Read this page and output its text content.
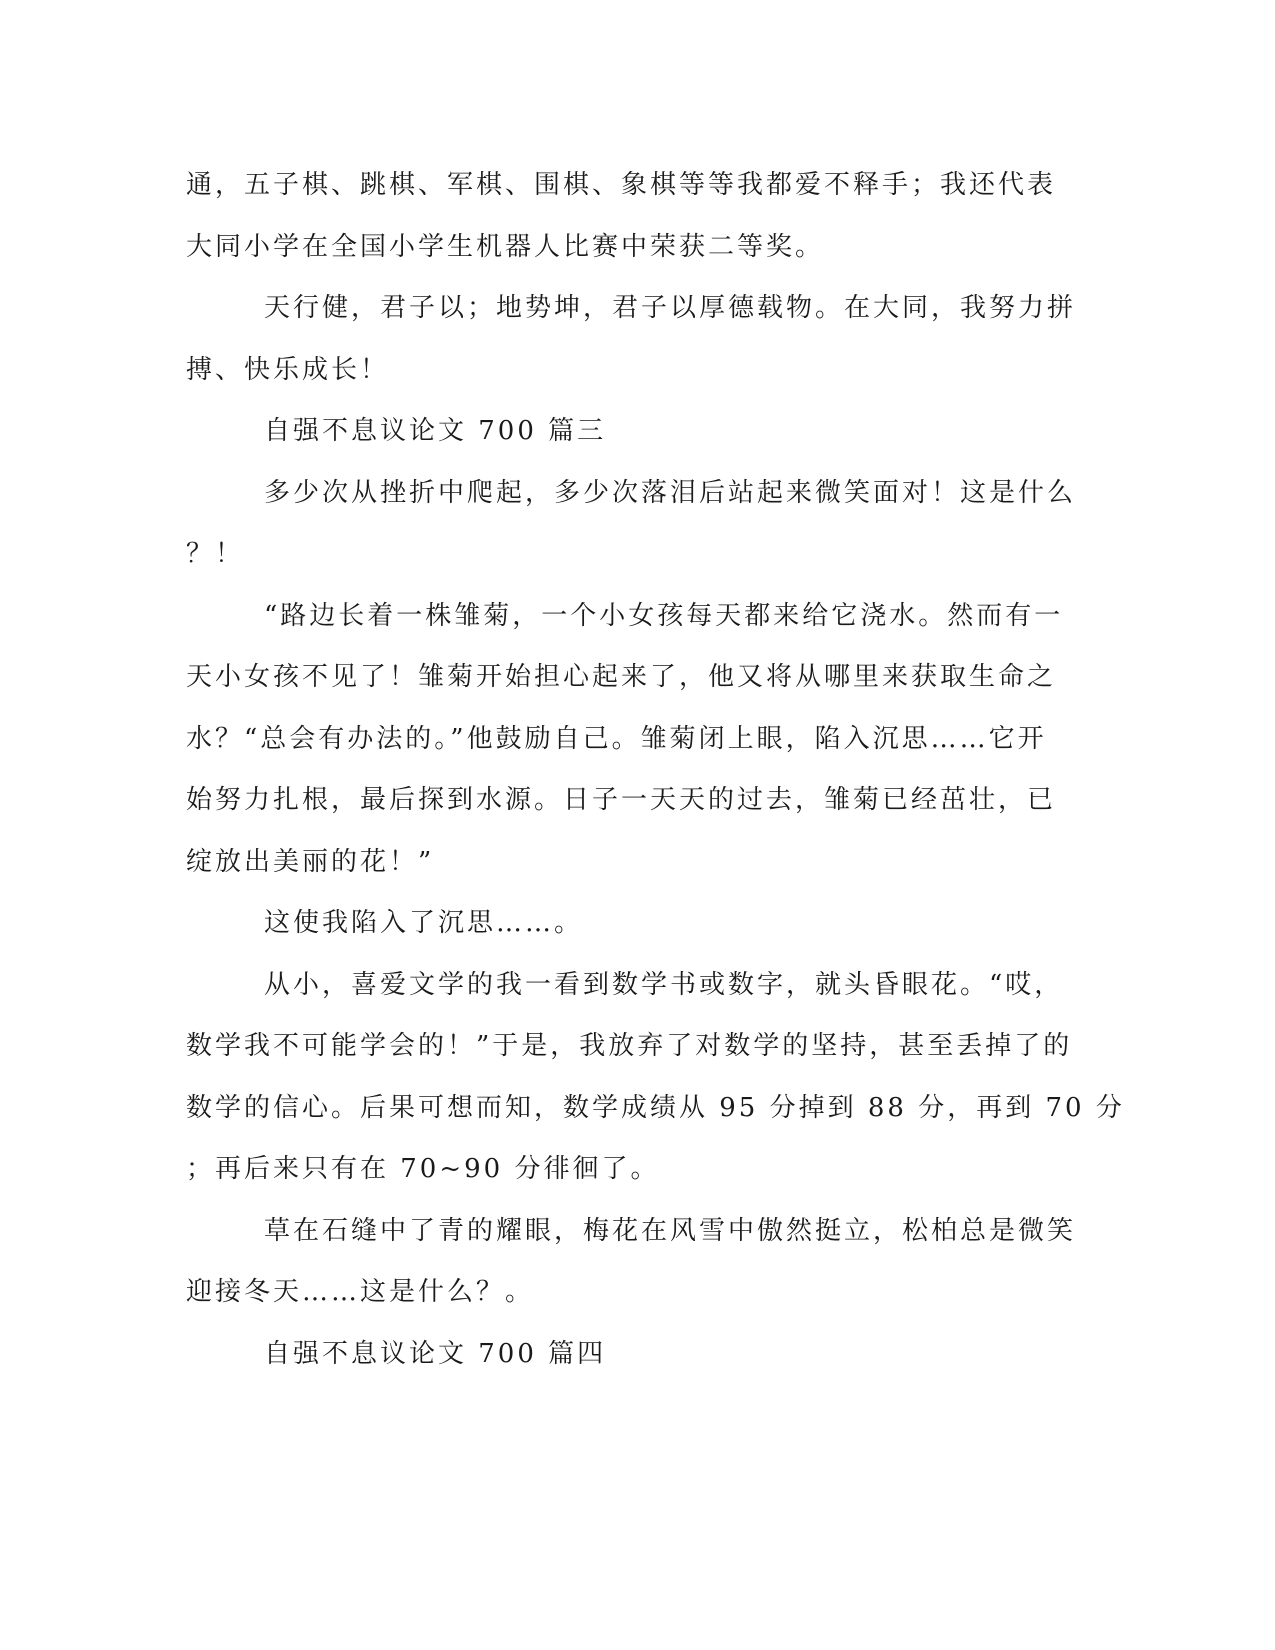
通，五子棋、跳棋、军棋、围棋、象棋等等我都爱不释手；我还代表
大同小学在全国小学生机器人比赛中荣获二等奖。
天行健，君子以；地势坤，君子以厚德载物。在大同，我努力拼
搏、快乐成长！
自强不息议论文 700 篇三
多少次从挫折中爬起，多少次落泪后站起来微笑面对！这是什么
？！
“路边长着一株雏菊，一个小女孩每天都来给它浇水。然而有一
天小女孩不见了！雏菊开始担心起来了，他又将从哪里来获取生命之
水？“总会有办法的。”他鼓励自己。雏菊闭上眼，陷入沉思……它开
始努力扎根，最后探到水源。日子一天天的过去，雏菊已经茁壮，已
绽放出美丽的花！”
这使我陷入了沉思……。
从小，喜爱文学的我一看到数学书或数字，就头昏眼花。“哎，
数学我不可能学会的！”于是，我放弃了对数学的坚持，甚至丢掉了的
数学的信心。后果可想而知，数学成绩从 95 分掉到 88 分，再到 70 分
；再后来只有在 70~90 分徘徊了。
草在石缝中了青的耀眼，梅花在风雪中傲然挺立，松柏总是微笑
迎接冬天……这是什么？。
自强不息议论文 700 篇四
